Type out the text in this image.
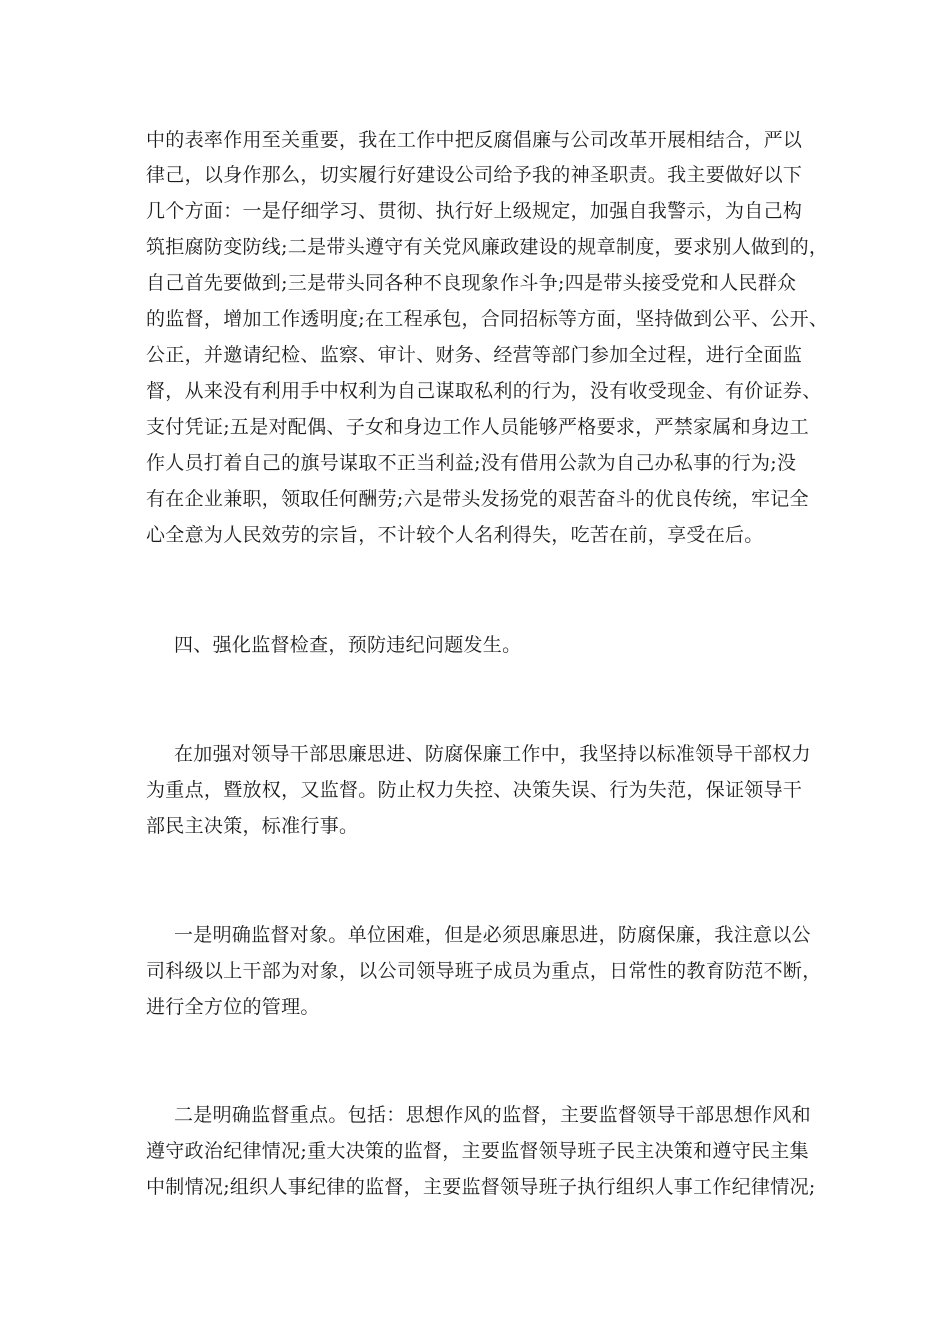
中的表率作用至关重要，我在工作中把反腐倡廉与公司改革开展相结合，严以

律己，以身作那么，切实履行好建设公司给予我的神圣职责。我主要做好以下

几个方面：一是仔细学习、贯彻、执行好上级规定，加强自我警示，为自己构

筑拒腐防变防线;二是带头遵守有关党风廉政建设的规章制度，要求别人做到的，

自己首先要做到;三是带头同各种不良现象作斗争;四是带头接受党和人民群众

的监督，增加工作透明度;在工程承包，合同招标等方面，坚持做到公平、公开、

公正，并邀请纪检、监察、审计、财务、经营等部门参加全过程，进行全面监

督，从来没有利用手中权利为自己谋取私利的行为，没有收受现金、有价证券、

支付凭证;五是对配偶、子女和身边工作人员能够严格要求，严禁家属和身边工

作人员打着自己的旗号谋取不正当利益;没有借用公款为自己办私事的行为;没

有在企业兼职，领取任何酬劳;六是带头发扬党的艰苦奋斗的优良传统，牢记全

心全意为人民效劳的宗旨，不计较个人名利得失，吃苦在前，享受在后。

四、强化监督检查，预防违纪问题发生。

在加强对领导干部思廉思进、防腐保廉工作中，我坚持以标准领导干部权力

为重点，暨放权，又监督。防止权力失控、决策失误、行为失范，保证领导干

部民主决策，标准行事。

一是明确监督对象。单位困难，但是必须思廉思进，防腐保廉，我注意以公

司科级以上干部为对象，以公司领导班子成员为重点，日常性的教育防范不断，

进行全方位的管理。

二是明确监督重点。包括：思想作风的监督，主要监督领导干部思想作风和

遵守政治纪律情况;重大决策的监督，主要监督领导班子民主决策和遵守民主集

中制情况;组织人事纪律的监督，主要监督领导班子执行组织人事工作纪律情况;
